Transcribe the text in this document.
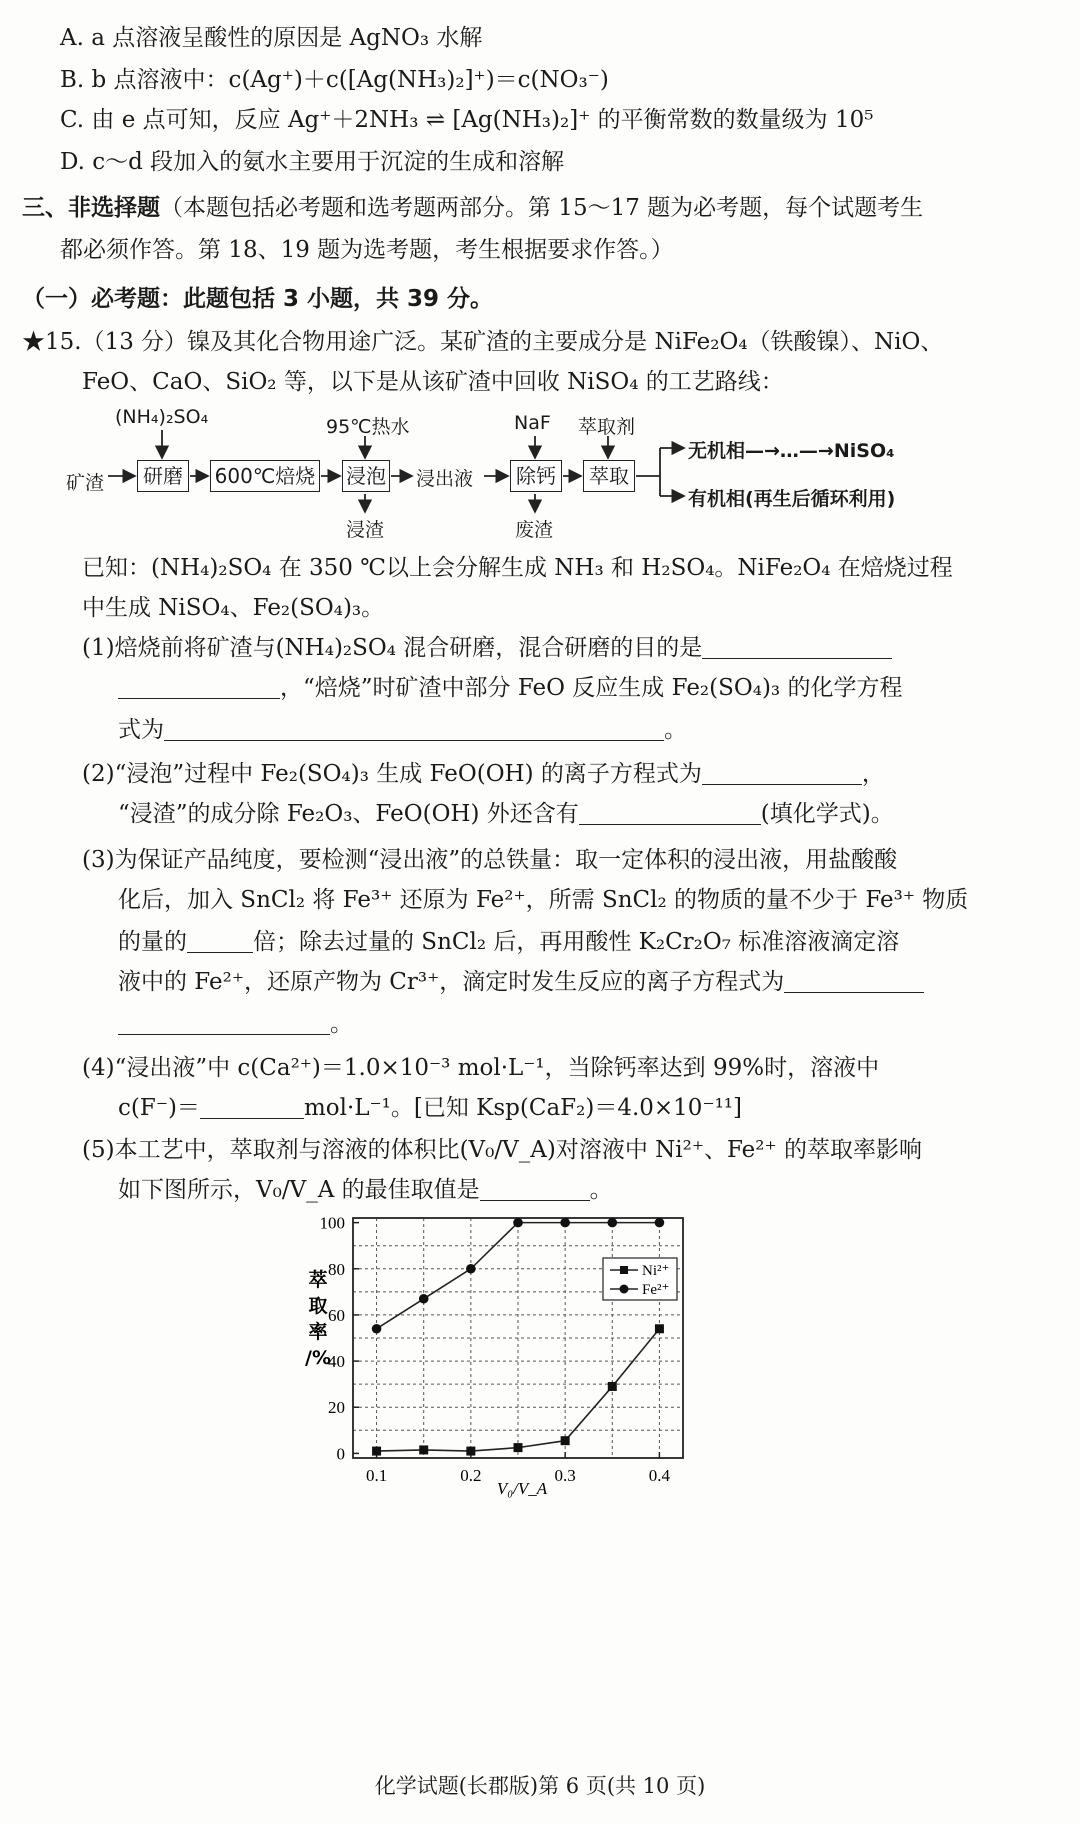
A. a 点溶液呈酸性的原因是 AgNO₃ 水解
B. b 点溶液中：c(Ag⁺)＋c([Ag(NH₃)₂]⁺)＝c(NO₃⁻)
C. 由 e 点可知，反应 Ag⁺＋2NH₃ ⇌ [Ag(NH₃)₂]⁺ 的平衡常数的数量级为 10⁵
D. c～d 段加入的氨水主要用于沉淀的生成和溶解
三、非选择题（本题包括必考题和选考题两部分。第 15～17 题为必考题，每个试题考生
都必须作答。第 18、19 题为选考题，考生根据要求作答。）
（一）必考题：此题包括 3 小题，共 39 分。
★15.（13 分）镍及其化合物用途广泛。某矿渣的主要成分是 NiFe₂O₄（铁酸镍）、NiO、
FeO、CaO、SiO₂ 等，以下是从该矿渣中回收 NiSO₄ 的工艺路线：
(NH₄)₂SO₄	95℃热水	NaF 萃取剂
矿渣	研磨	600℃焙烧 浸泡 浸出液	除钙	萃取
无机相—→…—→NiSO₄
有机相(再生后循环利用)
浸渣	废渣
已知：(NH₄)₂SO₄ 在 350 ℃以上会分解生成 NH₃ 和 H₂SO₄。NiFe₂O₄ 在焙烧过程
中生成 NiSO₄、Fe₂(SO₄)₃。
(1)焙烧前将矿渣与(NH₄)₂SO₄ 混合研磨，混合研磨的目的是
，“焙烧”时矿渣中部分 FeO 反应生成 Fe₂(SO₄)₃ 的化学方程
式为	。
(2)“浸泡”过程中 Fe₂(SO₄)₃ 生成 FeO(OH) 的离子方程式为	，
“浸渣”的成分除 Fe₂O₃、FeO(OH) 外还含有	(填化学式)。
(3)为保证产品纯度，要检测“浸出液”的总铁量：取一定体积的浸出液，用盐酸酸
化后，加入 SnCl₂ 将 Fe³⁺ 还原为 Fe²⁺，所需 SnCl₂ 的物质的量不少于 Fe³⁺ 物质
的量的	倍；除去过量的 SnCl₂ 后，再用酸性 K₂Cr₂O₇ 标准溶液滴定溶
液中的 Fe²⁺，还原产物为 Cr³⁺，滴定时发生反应的离子方程式为
。
(4)“浸出液”中 c(Ca²⁺)＝1.0×10⁻³ mol·L⁻¹，当除钙率达到 99%时，溶液中
c(F⁻)＝	mol·L⁻¹。[已知 Ksp(CaF₂)＝4.0×10⁻¹¹]
(5)本工艺中，萃取剂与溶液的体积比(V₀/V_A)对溶液中 Ni²⁺、Fe²⁺ 的萃取率影响
如下图所示，V₀/V_A 的最佳取值是	。
0
20
40
60
80
100
0.1	0.2	0.3	0.4
萃
取
率
/%
V₀/V_A
Ni²⁺
Fe²⁺
化学试题(长郡版)第 6 页(共 10 页)
